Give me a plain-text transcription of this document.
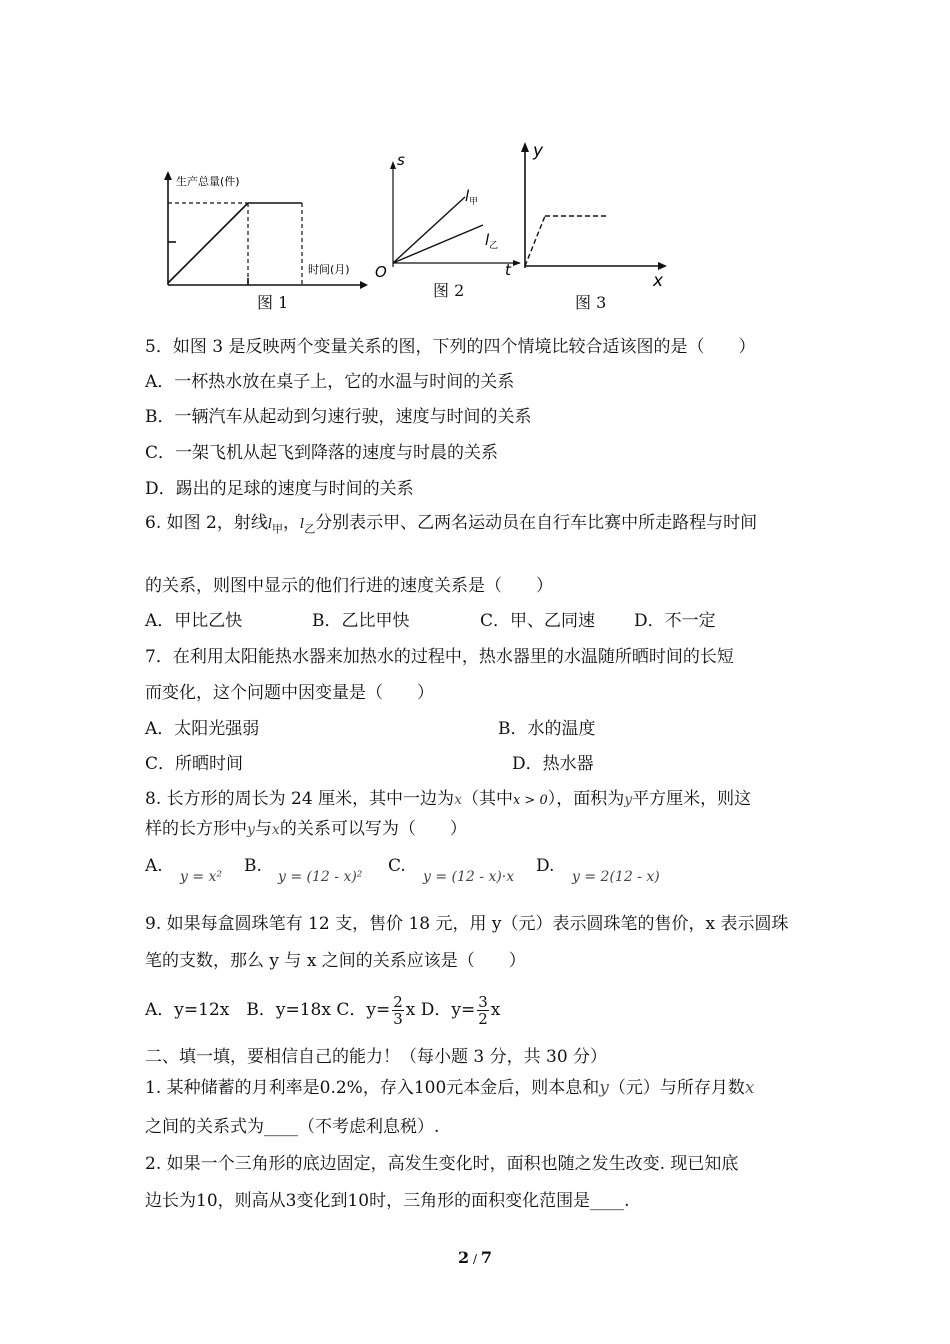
生产总量(件)
时间(月)
图 1
s
t
O
$l_甲$
$l_乙$
图 2
y
x
图 3
5．如图 3 是反映两个变量关系的图，下列的四个情境比较合适该图的是（　　）
A．一杯热水放在桌子上，它的水温与时间的关系
B．一辆汽车从起动到匀速行驶，速度与时间的关系
C．一架飞机从起飞到降落的速度与时晨的关系
D．踢出的足球的速度与时间的关系
6. 如图 2，射线$l_甲$，$l_乙$分别表示甲、乙两名运动员在自行车比赛中所走路程与时间
的关系，则图中显示的他们行进的速度关系是（　　）
A．甲比乙快	B．乙比甲快	C．甲、乙同速 D．不一定
7．在利用太阳能热水器来加热水的过程中，热水器里的水温随所晒时间的长短
而变化，这个问题中因变量是（　　）
A．太阳光强弱	B．水的温度
C．所晒时间	D．热水器
8. 长方形的周长为 24 厘米，其中一边为x（其中x > 0），面积为y平方厘米，则这
样的长方形中y与x的关系可以写为（　　）
A.
y = x²
B.
y = (12 - x)²
C.
y = (12 - x)·x
D.
y = 2(12 - x)
9. 如果每盒圆珠笔有 12 支，售价 18 元，用 y（元）表示圆珠笔的售价，x 表示圆珠
笔的支数，那么 y 与 x 之间的关系应该是（　　）
A．y=12x　 B．y=18x C．$y= \frac{2}{3}$ x D．$y= \frac{3}{2}$ x
二、填一填，要相信自己的能力！（每小题 3 分，共 30 分）
1. 某种储蓄的月利率是0.2%，存入100元本金后，则本息和y（元）与所存月数x
之间的关系式为____（不考虑利息税）.
2. 如果一个三角形的底边固定，高发生变化时，面积也随之发生改变. 现已知底
边长为10，则高从3变化到10时，三角形的面积变化范围是____.
2 / 7
